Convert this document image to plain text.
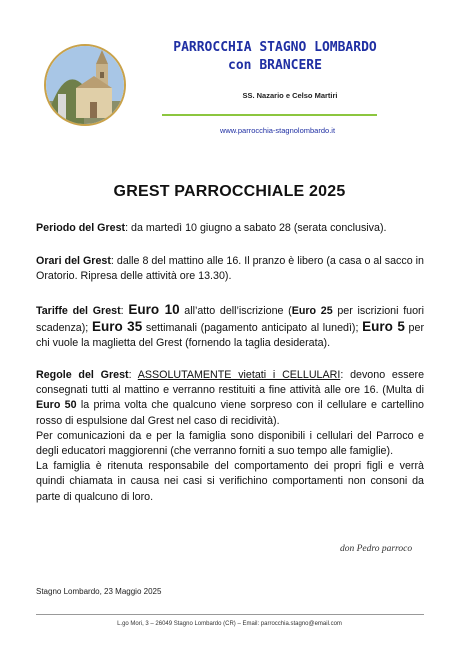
PARROCCHIA STAGNO LOMBARDO
con BRANCERE
SS. Nazario e Celso Martiri
www.parrocchia-stagnolombardo.it
GREST PARROCCHIALE 2025
Periodo del Grest: da martedì 10 giugno a sabato 28 (serata conclusiva).
Orari del Grest: dalle 8 del mattino alle 16. Il pranzo è libero (a casa o al sacco in Oratorio. Ripresa delle attività ore 13.30).
Tariffe del Grest: Euro 10 all’atto dell’iscrizione (Euro 25 per iscrizioni fuori scadenza); Euro 35 settimanali (pagamento anticipato al lunedì); Euro 5 per chi vuole la maglietta del Grest (fornendo la taglia desiderata).
Regole del Grest: ASSOLUTAMENTE vietati i CELLULARI: devono essere consegnati tutti al mattino e verranno restituiti a fine attività alle ore 16. (Multa di Euro 50 la prima volta che qualcuno viene sorpreso con il cellulare e cartellino rosso di espulsione dal Grest nel caso di recidività).
Per comunicazioni da e per la famiglia sono disponibili i cellulari del Parroco e degli educatori maggiorenni (che verranno forniti a suo tempo alle famiglie).
La famiglia è ritenuta responsabile del comportamento dei propri figli e verrà quindi chiamata in causa nei casi si verifichino comportamenti non consoni da parte di qualcuno di loro.
don Pedro parroco
Stagno Lombardo, 23 Maggio 2025
L.go Mori, 3 – 26049 Stagno Lombardo (CR) – Email: parrocchia.stagno@email.com
